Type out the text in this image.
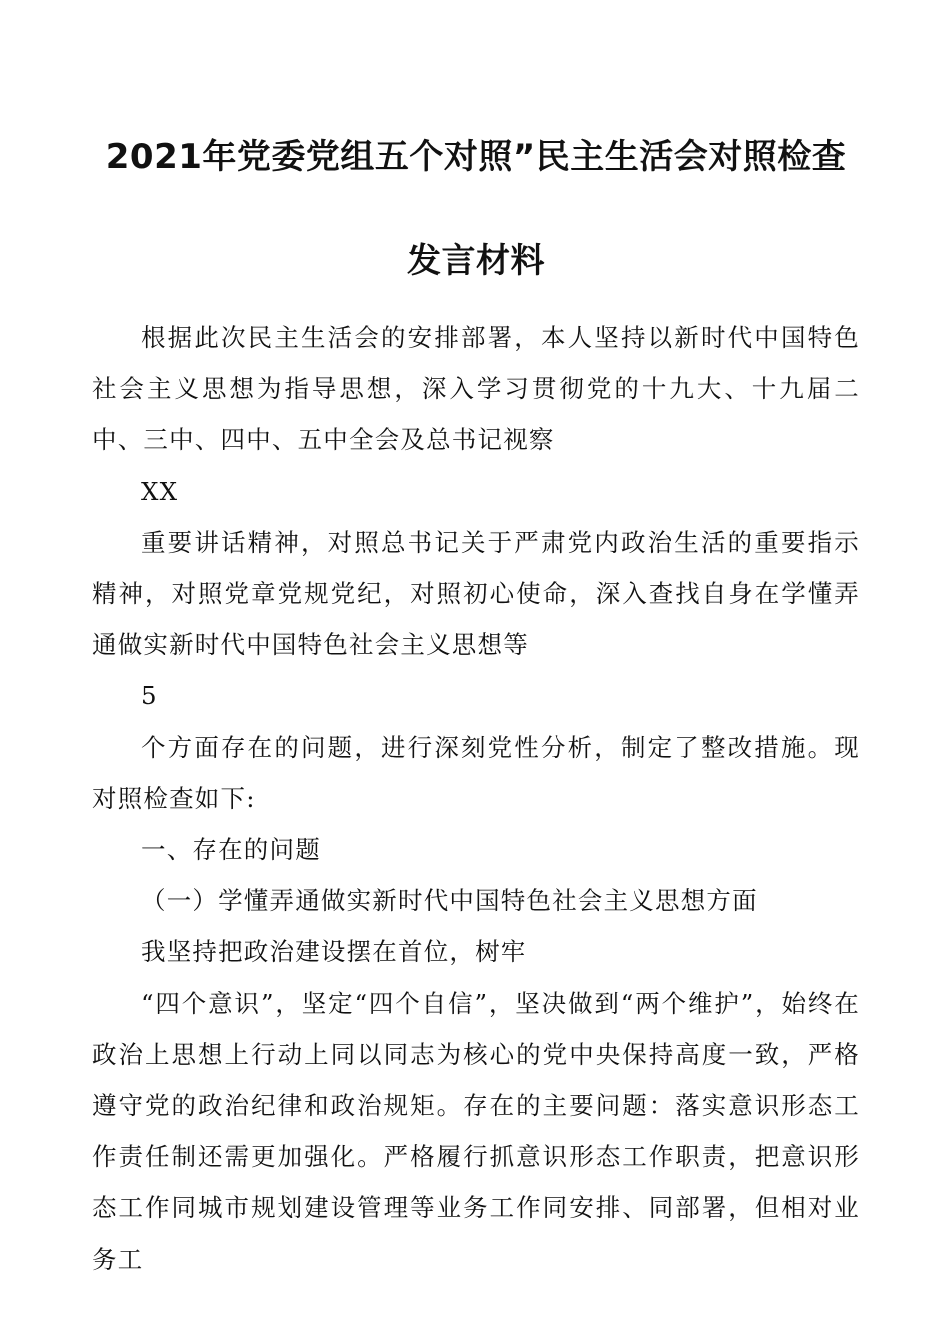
2021年党委党组五个对照”民主生活会对照检查
发言材料

根据此次民主生活会的安排部署，本人坚持以新时代中国特色社会主义思想为指导思想，深入学习贯彻党的十九大、十九届二中、三中、四中、五中全会及总书记视察

XX

重要讲话精神，对照总书记关于严肃党内政治生活的重要指示精神，对照党章党规党纪，对照初心使命，深入查找自身在学懂弄通做实新时代中国特色社会主义思想等

5

个方面存在的问题，进行深刻党性分析，制定了整改措施。现对照检查如下:

一、存在的问题

（一）学懂弄通做实新时代中国特色社会主义思想方面

我坚持把政治建设摆在首位，树牢

“四个意识”，坚定“四个自信”，坚决做到“两个维护”，始终在政治上思想上行动上同以同志为核心的党中央保持高度一致，严格遵守党的政治纪律和政治规矩。存在的主要问题：落实意识形态工作责任制还需更加强化。严格履行抓意识形态工作职责，把意识形态工作同城市规划建设管理等业务工作同安排、同部署，但相对业务工
